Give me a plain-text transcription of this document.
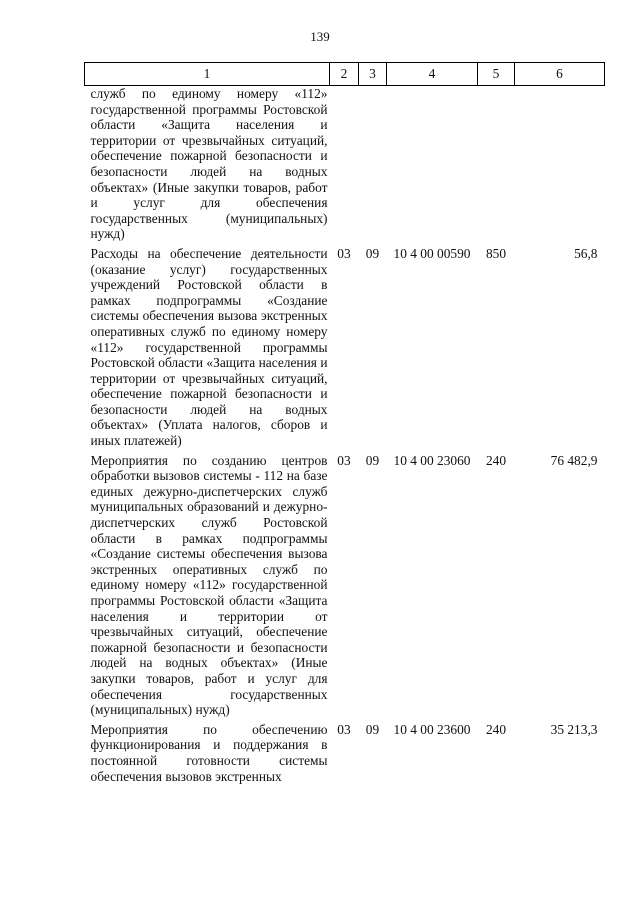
139
1	2	3	4	5	6
служб по единому номеру «112» государственной программы Ростовской области «Защита населения и территории от чрезвычайных ситуаций, обеспечение пожарной безопасности и безопасности людей на водных объектах» (Иные закупки товаров, работ и услуг для обеспечения государственных (муниципальных) нужд)					
Расходы на обеспечение деятельности (оказание услуг) государственных учреждений Ростовской области в рамках подпрограммы «Создание системы обеспечения вызова экстренных оперативных служб по единому номеру «112» государственной программы Ростовской области «Защита населения и территории от чрезвычайных ситуаций, обеспечение пожарной безопасности и безопасности людей на водных объектах» (Уплата налогов, сборов и иных платежей)	03	09	10 4 00 00590	850	56,8
Мероприятия по созданию центров обработки вызовов системы - 112 на базе единых дежурно-диспетчерских служб муниципальных образований и дежурно-диспетчерских служб Ростовской области в рамках подпрограммы «Создание системы обеспечения вызова экстренных оперативных служб по единому номеру «112» государственной программы Ростовской области «Защита населения и территории от чрезвычайных ситуаций, обеспечение пожарной безопасности и безопасности людей на водных объектах» (Иные закупки товаров, работ и услуг для обеспечения государственных (муниципальных) нужд)	03	09	10 4 00 23060	240	76 482,9
Мероприятия по обеспечению функционирования и поддержания в постоянной готовности системы обеспечения вызовов экстренных	03	09	10 4 00 23600	240	35 213,3
